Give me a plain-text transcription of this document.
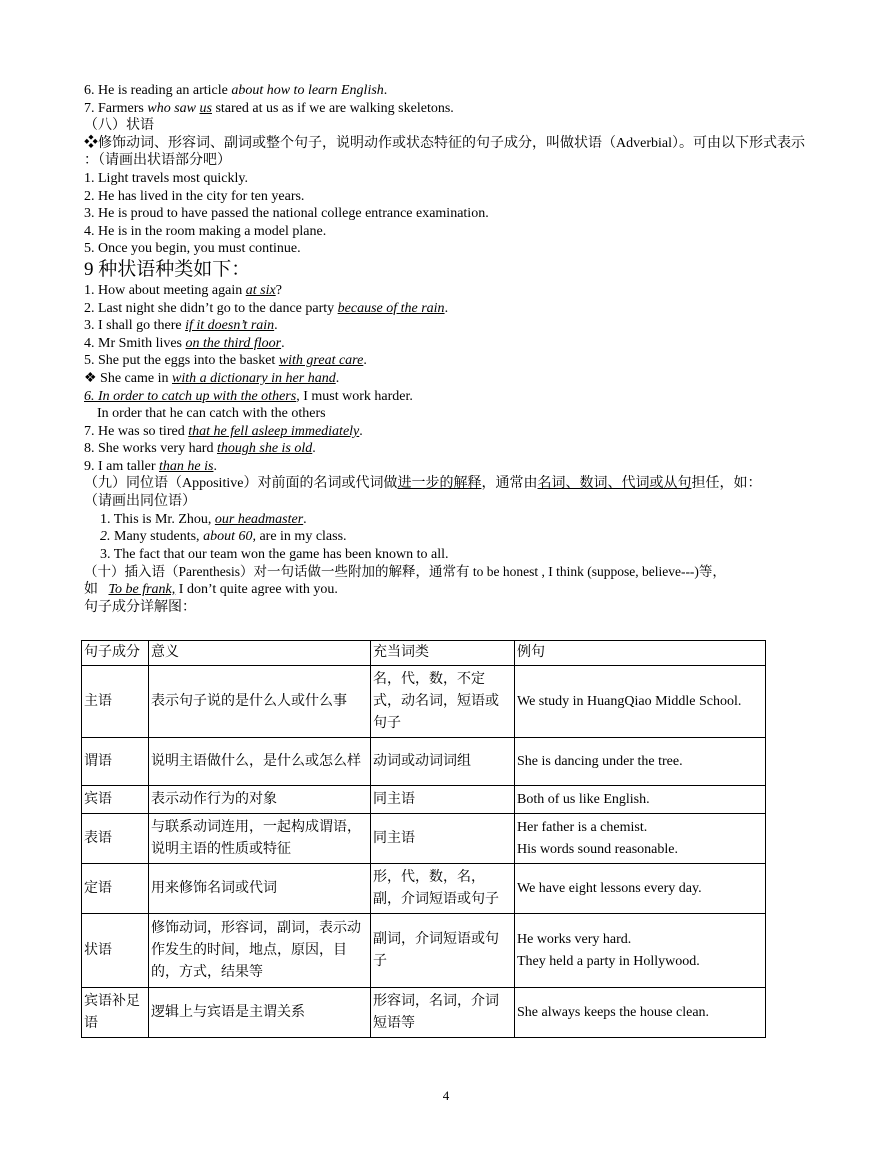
6. He is reading an article about how to learn English.
7. Farmers who saw us stared at us as if we are walking skeletons.
（八）状语
❖修饰动词、形容词、副词或整个句子，说明动作或状态特征的句子成分，叫做状语（Adverbial）。可由以下形式表示 ：（请画出状语部分吧）
1. Light travels most quickly.
2. He has lived in the city for ten years.
3. He is proud to have passed the national college entrance examination.
4. He is in the room making a model plane.
5. Once you begin, you must continue.
9 种状语种类如下：
1. How about meeting again at six?
2. Last night she didn’t go to the dance party because of the rain.
3. I shall go there if it doesn’t rain.
4. Mr Smith lives on the third floor.
5. She put the eggs into the basket with great care.
❖ She came in with a dictionary in her hand.
6. In order to catch up with the others, I must work harder.
In order that he can catch with the others
7. He was so tired that he fell asleep immediately.
8. She works very hard though she is old.
9. I am taller than he is.
（九）同位语（Appositive）对前面的名词或代词做进一步的解释，通常由名词、数词、代词或从句担任，如：
（请画出同位语）
1. This is Mr. Zhou, our headmaster.
2. Many students, about 60, are in my class.
3. The fact that our team won the game has been known to all.
（十）插入语（Parenthesis）对一句话做一些附加的解释，通常有 to be honest , I think (suppose, believe---)等，
如   To be frank, I don’t quite agree with you.
句子成分详解图：
句子成分	意义	充当词类	例句
主语	表示句子说的是什么人或什么事	名，代，数，不定式，动名词，短语或句子	We study in HuangQiao Middle School.

谓语	说明主语做什么，是什么或怎么样	动词或动词词组	She is dancing under the tree.

宾语	表示动作行为的对象	同主语	Both of us like English.

表语	与联系动词连用，一起构成谓语，说明主语的性质或特征	同主语	Her father is a chemist.
His words sound reasonable.

定语	用来修饰名词或代词	形，代，数，名，副，介词短语或句子	We have eight lessons every day.

状语	修饰动词，形容词，副词，表示动作发生的时间，地点，原因，目的，方式，结果等	副词，介词短语或句子	He works very hard.
They held a party in Hollywood.

宾语补足语	逻辑上与宾语是主谓关系	形容词，名词，介词短语等	She always keeps the house clean.
4
